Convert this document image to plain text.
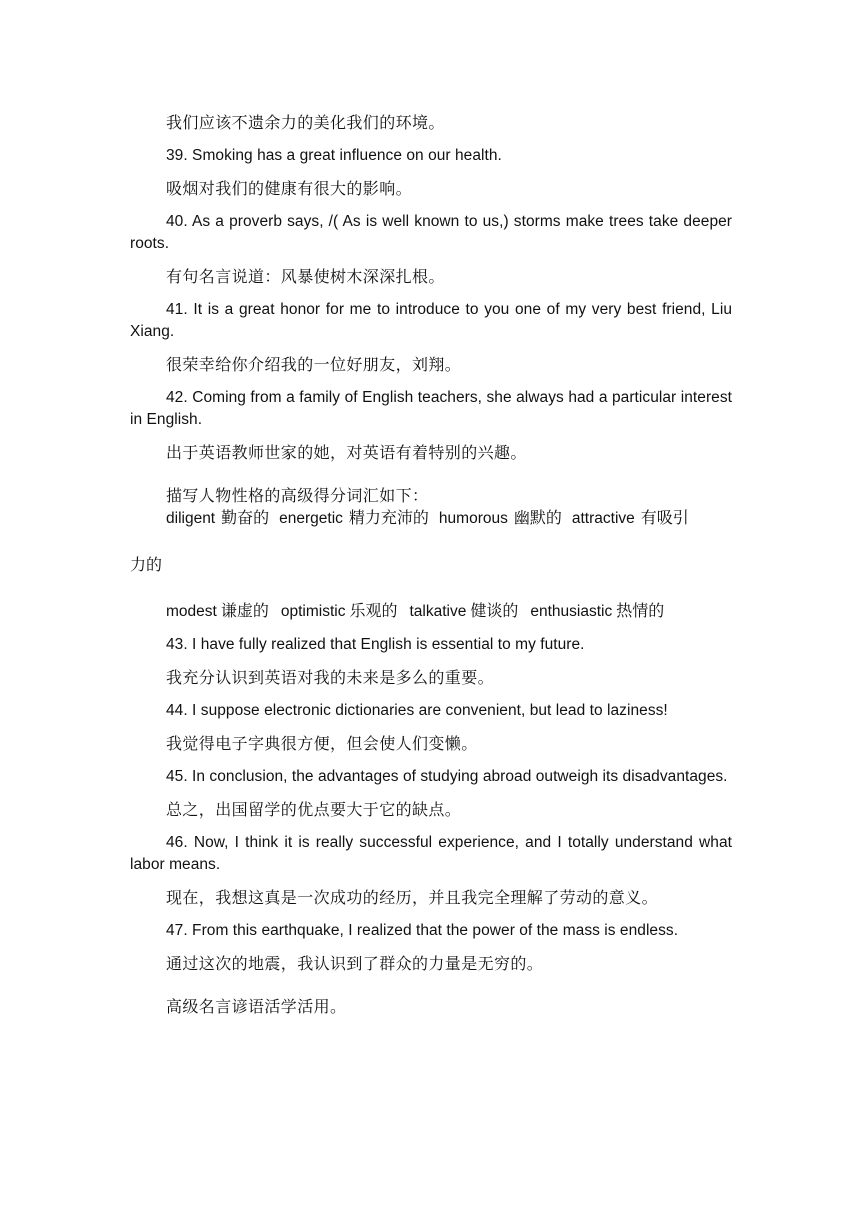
我们应该不遗余力的美化我们的环境。

39. Smoking has a great influence on our health.

吸烟对我们的健康有很大的影响。

40. As a proverb says, /( As is well known to us,) storms make trees take deeper roots.

有句名言说道：风暴使树木深深扎根。

41. It is a great honor for me to introduce to you one of my very best friend, Liu Xiang.

很荣幸给你介绍我的一位好朋友，刘翔。

42. Coming from a family of English teachers, she always had a particular interest in English.

出于英语教师世家的她，对英语有着特别的兴趣。

描写人物性格的高级得分词汇如下：

diligent 勤奋的 energetic 精力充沛的 humorous 幽默的 attractive 有吸引

力的

modest 谦虚的 optimistic 乐观的 talkative 健谈的 enthusiastic 热情的

43. I have fully realized that English is essential to my future.

我充分认识到英语对我的未来是多么的重要。

44. I suppose electronic dictionaries are convenient, but lead to laziness!

我觉得电子字典很方便，但会使人们变懒。

45. In conclusion, the advantages of studying abroad outweigh its disadvantages.

总之，出国留学的优点要大于它的缺点。

46. Now, I think it is really successful experience, and I totally understand what labor means.

现在，我想这真是一次成功的经历，并且我完全理解了劳动的意义。

47. From this earthquake, I realized that the power of the mass is endless.

通过这次的地震，我认识到了群众的力量是无穷的。

高级名言谚语活学活用。
